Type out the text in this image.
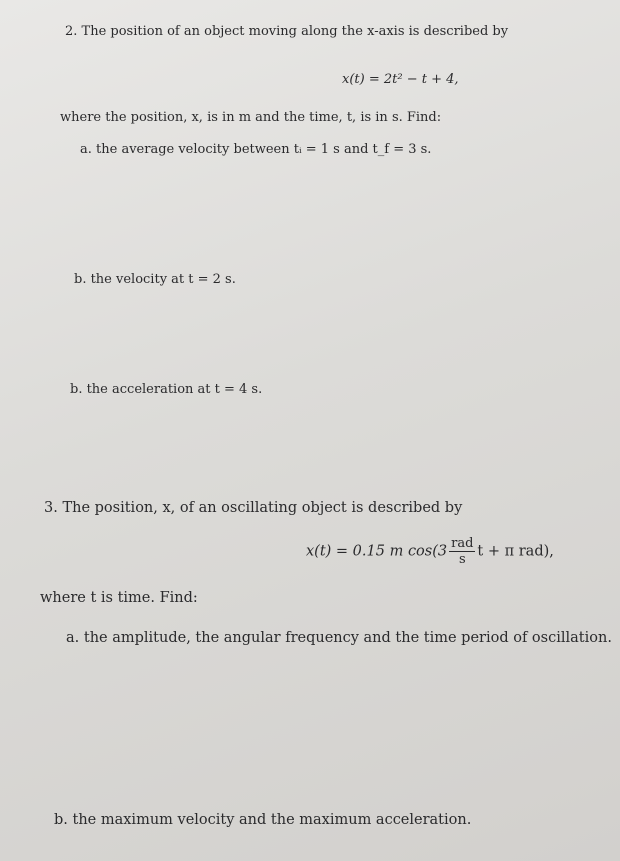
2. The position of an object moving along the x-axis is described by
x(t) = 2t² − t + 4,
where the position, x, is in m and the time, t, is in s. Find:
a. the average velocity between tᵢ = 1 s and t_f = 3 s.
b. the velocity at t = 2 s.
b. the acceleration at t = 4 s.
3. The position, x, of an oscillating object is described by
x(t) = 0.15 m $\cos(3 \frac{\text{rad}}{s}$ t + π rad),
where t is time. Find:
a. the amplitude, the angular frequency and the time period of oscillation.
b. the maximum velocity and the maximum acceleration.
